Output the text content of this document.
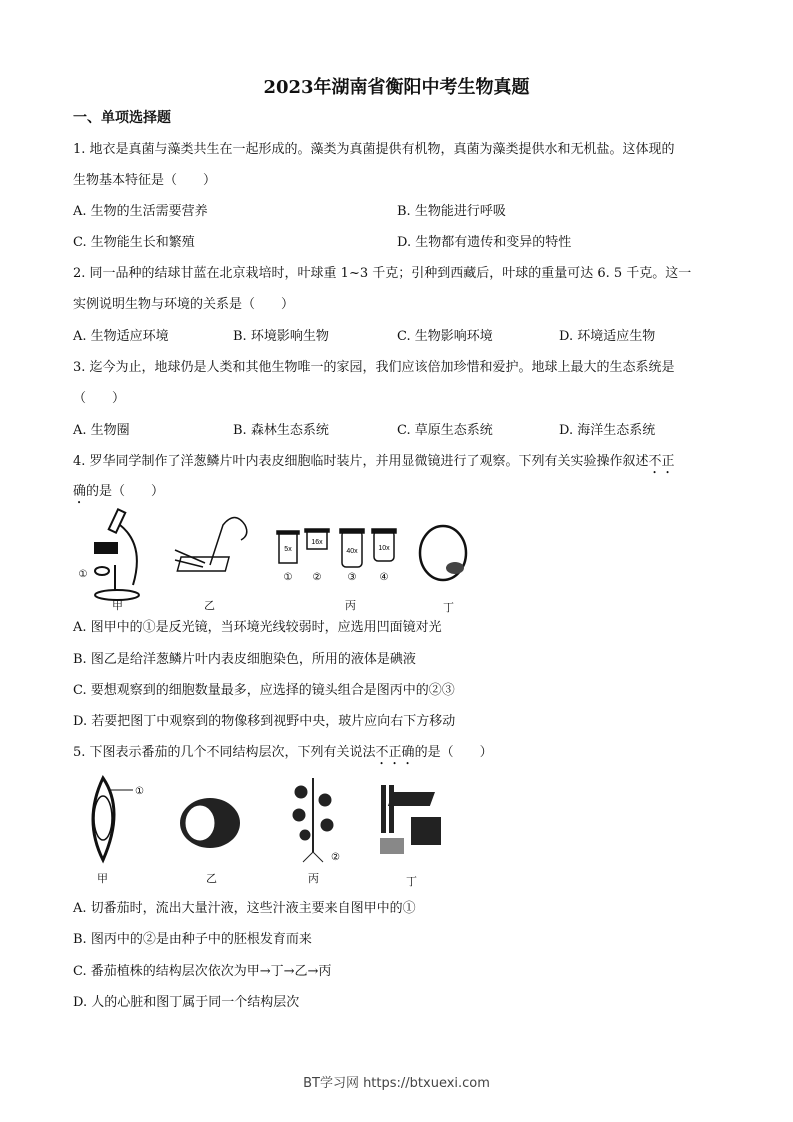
2023年湖南省衡阳中考生物真题
一、单项选择题
1. 地衣是真菌与藻类共生在一起形成的。藻类为真菌提供有机物，真菌为藻类提供水和无机盐。这体现的
生物基本特征是（　　）
A. 生物的生活需要营养	B. 生物能进行呼吸
C. 生物能生长和繁殖	D. 生物都有遗传和变异的特性
2. 同一品种的结球甘蓝在北京栽培时，叶球重 1~3 千克；引种到西藏后，叶球的重量可达 6. 5 千克。这一
实例说明生物与环境的关系是（　　）
A. 生物适应环境	B. 环境影响生物	C. 生物影响环境	D. 环境适应生物
3. 迄今为止，地球仍是人类和其他生物唯一的家园，我们应该倍加珍惜和爱护。地球上最大的生态系统是
（　　）
A. 生物圈	B. 森林生态系统	C. 草原生态系统	D. 海洋生态系统
4. 罗华同学制作了洋葱鳞片叶内表皮细胞临时装片，并用显微镜进行了观察。下列有关实验操作叙述不正
确的是（　　）
5x
16x
40x	10x
① ②	③ ④
①
甲	乙	丙	丁
A. 图甲中的①是反光镜，当环境光线较弱时，应选用凹面镜对光
B. 图乙是给洋葱鳞片叶内表皮细胞染色，所用的液体是碘液
C. 要想观察到的细胞数量最多，应选择的镜头组合是图丙中的②③
D. 若要把图丁中观察到的物像移到视野中央，玻片应向右下方移动
5. 下图表示番茄的几个不同结构层次，下列有关说法不正确的是（　　）
①
②
甲	乙	丙	丁
A. 切番茄时，流出大量汁液，这些汁液主要来自图甲中的①
B. 图丙中的②是由种子中的胚根发育而来
C. 番茄植株的结构层次依次为甲→丁→乙→丙
D. 人的心脏和图丁属于同一个结构层次
BT学习网 https://btxuexi.com
